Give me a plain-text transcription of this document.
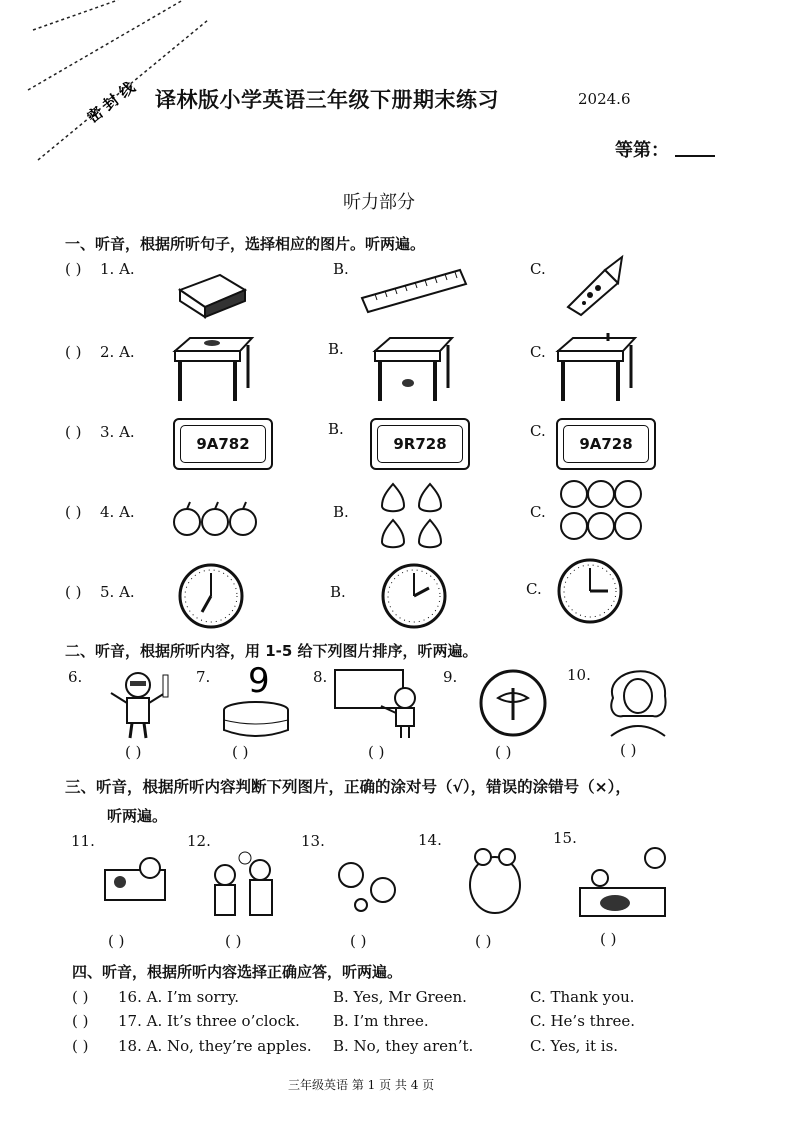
密 封 线 译林版小学英语三年级下册期末练习	2024.6
等第：
听力部分
一、听音，根据所听句子，选择相应的图片。听两遍。
( ) 1. A.	B.	C.
( ) 2. A.	B.	C.
( ) 3. A.	B.	C.
9A782	9R728	9A728
( ) 4. A.	B.	C.
( ) 5. A.	B.	C.
二、听音，根据所听内容，用 1-5 给下列图片排序，听两遍。
6.	7.	8.	9.	10.
9
( )	( )	( )	( )	( )
三、听音，根据所听内容判断下列图片，正确的涂对号（√），错误的涂错号（×），
听两遍。
11.	12.	13.	14.	15.
( )	( )	( )	( )	( )
四、听音，根据所听内容选择正确应答，听两遍。
( ) 16. A. I’m sorry.	B. Yes, Mr Green.	C. Thank you.
( ) 17. A. It’s three o’clock. B. I’m three.	C. He’s three.
( ) 18. A. No, they’re apples. B. No, they aren’t.	C. Yes, it is.
三年级英语 第 1 页 共 4 页
